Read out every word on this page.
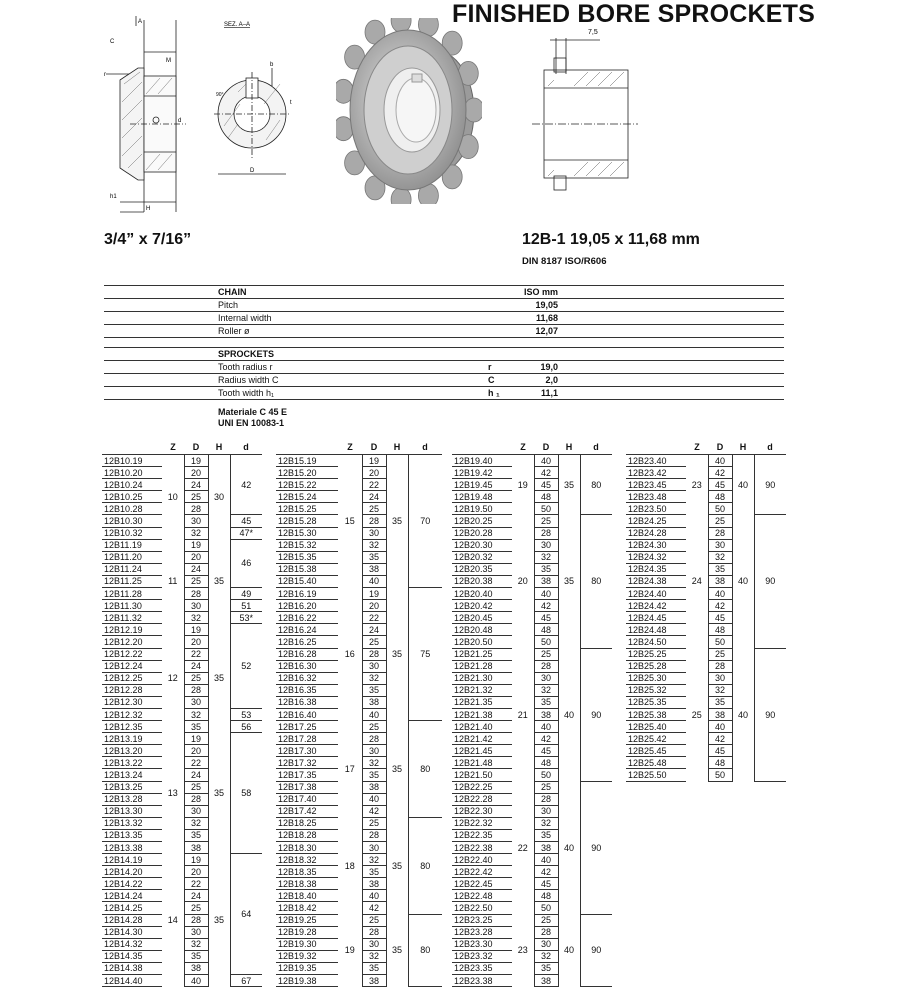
FINISHED BORE SPROCKETS
A
C
M
r
d
h1
H
SEZ. A–A
b
t
D
90°
7,5
3/4” x 7/16”	12B-1 19,05 x 11,68 mm
DIN 8187 ISO/R606
CHAIN	ISO mm
Pitch	19,05
Internal width	11,68
Roller ø	12,07
SPROCKETS
Tooth radius r	r	19,0
Radius width C	C	2,0
Tooth width h₁	h ₁	11,1
Materiale C 45 E
UNI EN 10083-1
	Z	D	H	d
12B10.19	10	19	30	42
12B10.20		20		
12B10.24		24		
12B10.25		25		
12B10.28		28		
12B10.30		30		45
12B10.32		32		47*
12B11.19	11	19	35	46
12B11.20		20		
12B11.24		24		
12B11.25		25		
12B11.28		28		49
12B11.30		30		51
12B11.32		32		53*
12B12.19	12	19	35	52
12B12.20		20		
12B12.22		22		
12B12.24		24		
12B12.25		25		
12B12.28		28		
12B12.30		30		
12B12.32		32		53
12B12.35		35		56
12B13.19	13	19	35	58
12B13.20		20		
12B13.22		22		
12B13.24		24		
12B13.25		25		
12B13.28		28		
12B13.30		30		
12B13.32		32		
12B13.35		35		
12B13.38		38		
12B14.19	14	19	35	64
12B14.20		20		
12B14.22		22		
12B14.24		24		
12B14.25		25		
12B14.28		28		
12B14.30		30		
12B14.32		32		
12B14.35		35		
12B14.38		38		
12B14.40		40		67
	Z	D	H	d
12B15.19	15	19	35	70
12B15.20		20		
12B15.22		22		
12B15.24		24		
12B15.25		25		
12B15.28		28		
12B15.30		30		
12B15.32		32		
12B15.35		35		
12B15.38		38		
12B15.40		40		
12B16.19	16	19	35	75
12B16.20		20		
12B16.22		22		
12B16.24		24		
12B16.25		25		
12B16.28		28		
12B16.30		30		
12B16.32		32		
12B16.35		35		
12B16.38		38		
12B16.40		40		
12B17.25	17	25	35	80
12B17.28		28		
12B17.30		30		
12B17.32		32		
12B17.35		35		
12B17.38		38		
12B17.40		40		
12B17.42		42		
12B18.25	18	25	35	80
12B18.28		28		
12B18.30		30		
12B18.32		32		
12B18.35		35		
12B18.38		38		
12B18.40		40		
12B18.42		42		
12B19.25	19	25	35	80
12B19.28		28		
12B19.30		30		
12B19.32		32		
12B19.35		35		
12B19.38		38		
	Z	D	H	d
12B19.40	19	40	35	80
12B19.42		42		
12B19.45		45		
12B19.48		48		
12B19.50		50		
12B20.25	20	25	35	80
12B20.28		28		
12B20.30		30		
12B20.32		32		
12B20.35		35		
12B20.38		38		
12B20.40		40		
12B20.42		42		
12B20.45		45		
12B20.48		48		
12B20.50		50		
12B21.25	21	25	40	90
12B21.28		28		
12B21.30		30		
12B21.32		32		
12B21.35		35		
12B21.38		38		
12B21.40		40		
12B21.42		42		
12B21.45		45		
12B21.48		48		
12B21.50		50		
12B22.25	22	25	40	90
12B22.28		28		
12B22.30		30		
12B22.32		32		
12B22.35		35		
12B22.38		38		
12B22.40		40		
12B22.42		42		
12B22.45		45		
12B22.48		48		
12B22.50		50		
12B23.25	23	25	40	90
12B23.28		28		
12B23.30		30		
12B23.32		32		
12B23.35		35		
12B23.38		38		
	Z	D	H	d
12B23.40	23	40	40	90
12B23.42		42		
12B23.45		45		
12B23.48		48		
12B23.50		50		
12B24.25	24	25	40	90
12B24.28		28		
12B24.30		30		
12B24.32		32		
12B24.35		35		
12B24.38		38		
12B24.40		40		
12B24.42		42		
12B24.45		45		
12B24.48		48		
12B24.50		50		
12B25.25	25	25	40	90
12B25.28		28		
12B25.30		30		
12B25.32		32		
12B25.35		35		
12B25.38		38		
12B25.40		40		
12B25.42		42		
12B25.45		45		
12B25.48		48		
12B25.50		50		
